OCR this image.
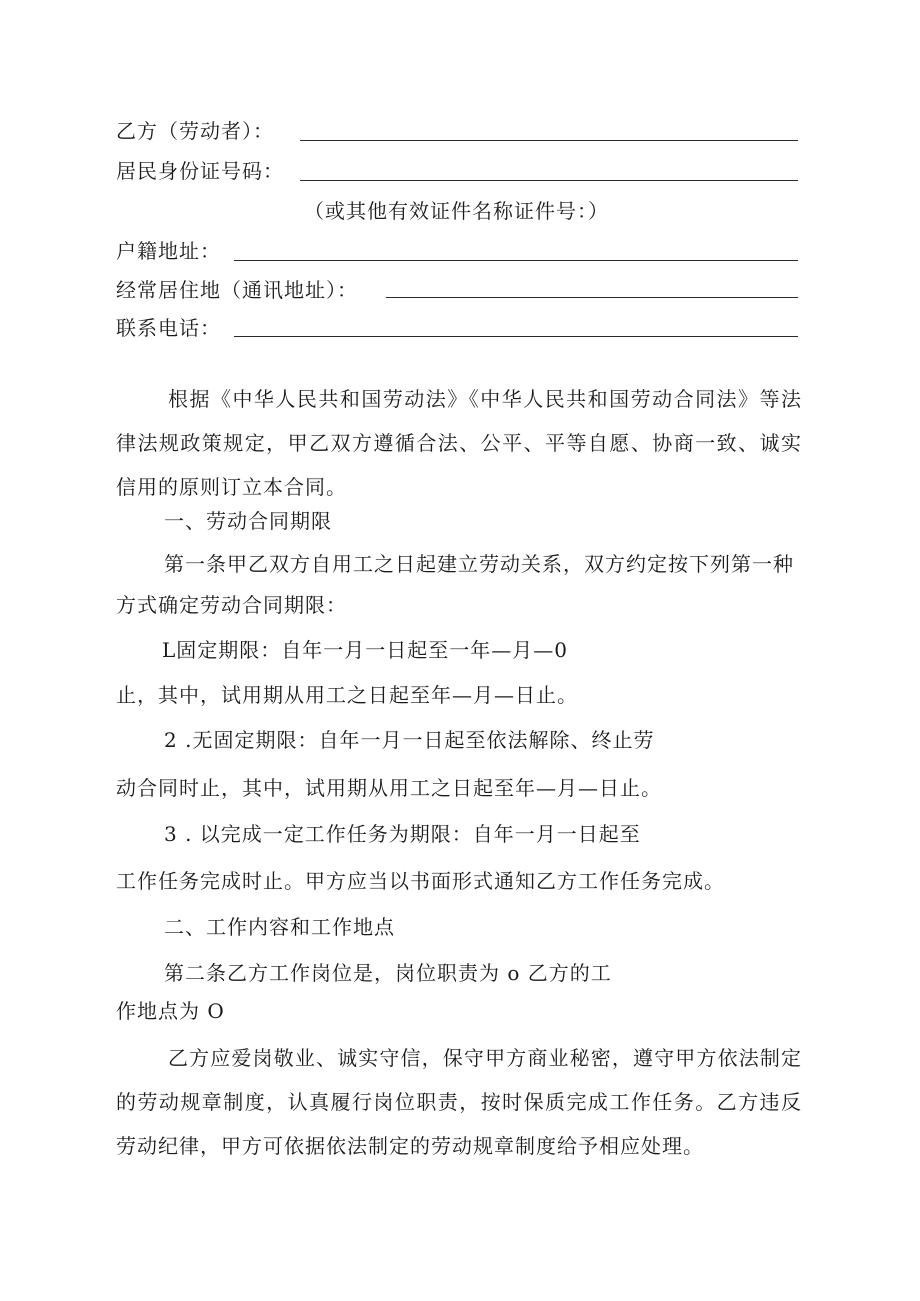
乙方（劳动者）：
居民身份证号码：
（或其他有效证件名称证件号：）
户籍地址：
经常居住地（通讯地址）：
联系电话：

根据《中华人民共和国劳动法》《中华人民共和国劳动合同法》等法律法规政策规定，甲乙双方遵循合法、公平、平等自愿、协商一致、诚实信用的原则订立本合同。

一、劳动合同期限
第一条甲乙双方自用工之日起建立劳动关系，双方约定按下列第一种
方式确定劳动合同期限：
L固定期限：自年一月一日起至一年—月—0
止，其中，试用期从用工之日起至年—月—日止。
2 .无固定期限：自年一月一日起至依法解除、终止劳
动合同时止，其中，试用期从用工之日起至年—月—日止。
3 . 以完成一定工作任务为期限：自年一月一日起至
工作任务完成时止。甲方应当以书面形式通知乙方工作任务完成。
二、工作内容和工作地点
第二条乙方工作岗位是，岗位职责为 o 乙方的工
作地点为 O

乙方应爱岗敬业、诚实守信，保守甲方商业秘密，遵守甲方依法制定的劳动规章制度，认真履行岗位职责，按时保质完成工作任务。乙方违反劳动纪律，甲方可依据依法制定的劳动规章制度给予相应处理。
